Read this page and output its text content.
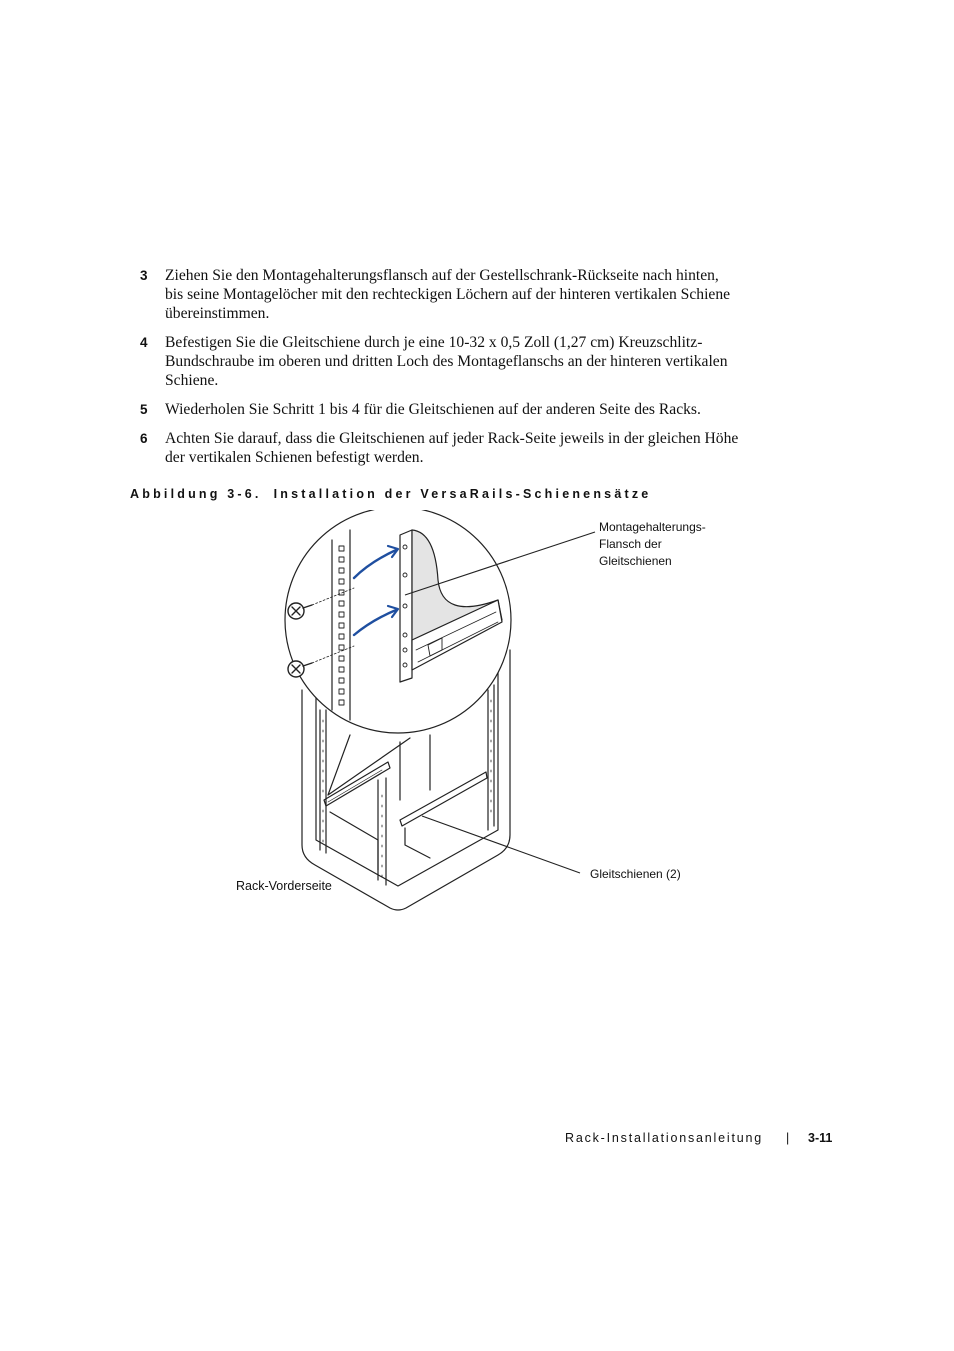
3 Ziehen Sie den Montagehalterungsflansch auf der Gestellschrank-Rückseite nach hinten, bis seine Montagelöcher mit den rechteckigen Löchern auf der hinteren vertikalen Schiene übereinstimmen.
4 Befestigen Sie die Gleitschiene durch je eine 10-32 x 0,5 Zoll (1,27 cm) Kreuzschlitz-Bundschraube im oberen und dritten Loch des Montageflanschs an der hinteren vertikalen Schiene.
5 Wiederholen Sie Schritt 1 bis 4 für die Gleitschienen auf der anderen Seite des Racks.
6 Achten Sie darauf, dass die Gleitschienen auf jeder Rack-Seite jeweils in der gleichen Höhe der vertikalen Schienen befestigt werden.
Abbildung 3-6. Installation der VersaRails-Schienensätze
Montagehalterungs-
Flansch der
Gleitschienen
Gleitschienen (2)
Rack-Vorderseite
Rack-Installationsanleitung | 3-11
